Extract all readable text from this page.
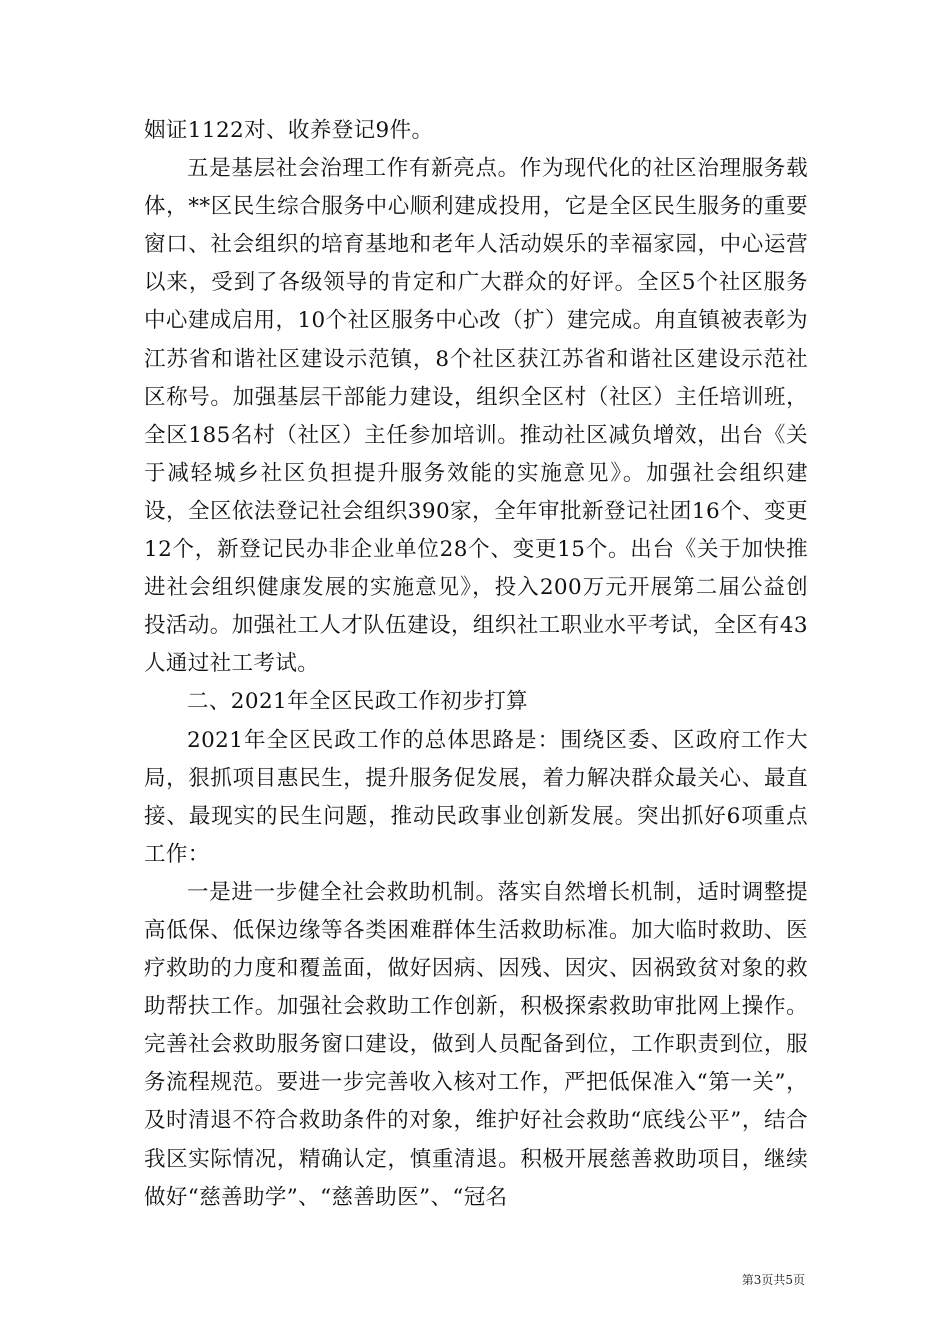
姻证1122对、收养登记9件。

五是基层社会治理工作有新亮点。作为现代化的社区治理服务载体，**区民生综合服务中心顺利建成投用，它是全区民生服务的重要窗口、社会组织的培育基地和老年人活动娱乐的幸福家园，中心运营以来，受到了各级领导的肯定和广大群众的好评。全区5个社区服务中心建成启用，10个社区服务中心改（扩）建完成。甪直镇被表彰为江苏省和谐社区建设示范镇，8个社区获江苏省和谐社区建设示范社区称号。加强基层干部能力建设，组织全区村（社区）主任培训班，全区185名村（社区）主任参加培训。推动社区减负增效，出台《关于减轻城乡社区负担提升服务效能的实施意见》。加强社会组织建设，全区依法登记社会组织390家，全年审批新登记社团16个、变更12个，新登记民办非企业单位28个、变更15个。出台《关于加快推进社会组织健康发展的实施意见》，投入200万元开展第二届公益创投活动。加强社工人才队伍建设，组织社工职业水平考试，全区有43人通过社工考试。

二、2021年全区民政工作初步打算

2021年全区民政工作的总体思路是：围绕区委、区政府工作大局，狠抓项目惠民生，提升服务促发展，着力解决群众最关心、最直接、最现实的民生问题，推动民政事业创新发展。突出抓好6项重点工作：

一是进一步健全社会救助机制。落实自然增长机制，适时调整提高低保、低保边缘等各类困难群体生活救助标准。加大临时救助、医疗救助的力度和覆盖面，做好因病、因残、因灾、因祸致贫对象的救助帮扶工作。加强社会救助工作创新，积极探索救助审批网上操作。完善社会救助服务窗口建设，做到人员配备到位，工作职责到位，服务流程规范。要进一步完善收入核对工作，严把低保准入“第一关”，及时清退不符合救助条件的对象，维护好社会救助“底线公平”，结合我区实际情况，精确认定，慎重清退。积极开展慈善救助项目，继续做好“慈善助学”、“慈善助医”、“冠名

第3页共5页
